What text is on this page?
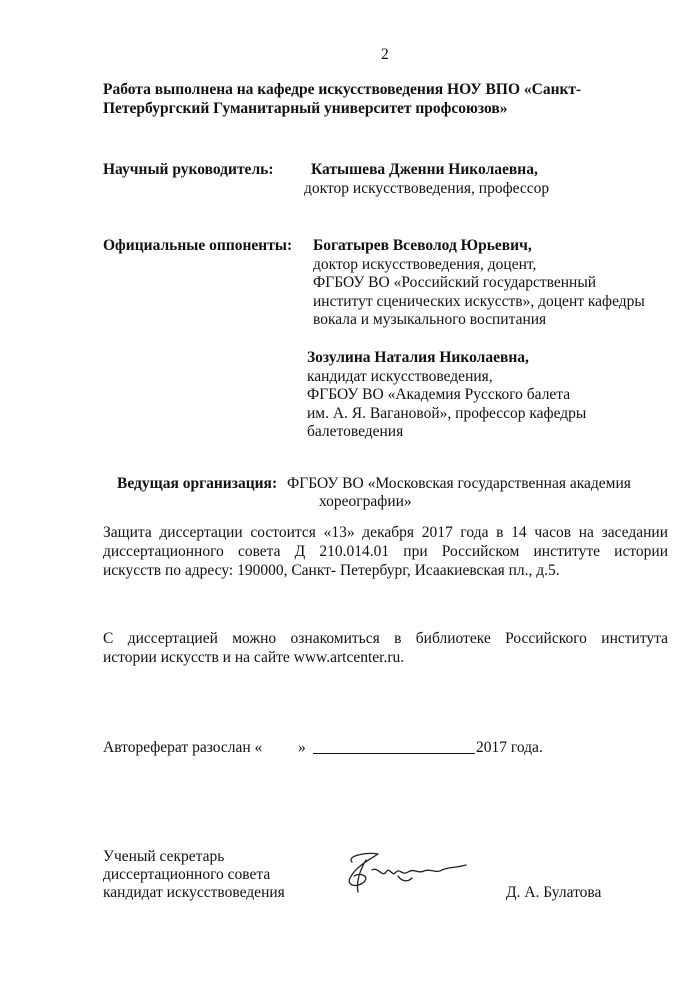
2
Работа выполнена на кафедре искусствоведения НОУ ВПО «Санкт-
Петербургский Гуманитарный университет профсоюзов»
Научный руководитель: Катышева Дженни Николаевна,
доктор искусствоведения, профессор
Официальные оппоненты: Богатырев Всеволод Юрьевич,
доктор искусствоведения, доцент,
ФГБОУ ВО «Российский государственный
институт сценических искусств», доцент кафедры
вокала и музыкального воспитания
Зозулина Наталия Николаевна,
кандидат искусствоведения,
ФГБОУ ВО «Академия Русского балета
им. А. Я. Вагановой», профессор кафедры
балетоведения
Ведущая организация: ФГБОУ ВО «Московская государственная академия
хореографии»
Защита диссертации состоится «13» декабря 2017 года в 14 часов на заседании
диссертационного совета Д 210.014.01 при Российском институте истории
искусств по адресу: 190000, Санкт- Петербург, Исаакиевская пл., д.5.
С диссертацией можно ознакомиться в библиотеке Российского института
истории искусств и на сайте www.artcenter.ru.
Автореферат разослан « »	2017 года.
Ученый секретарь
диссертационного совета
кандидат искусствоведения	Д. А. Булатова
